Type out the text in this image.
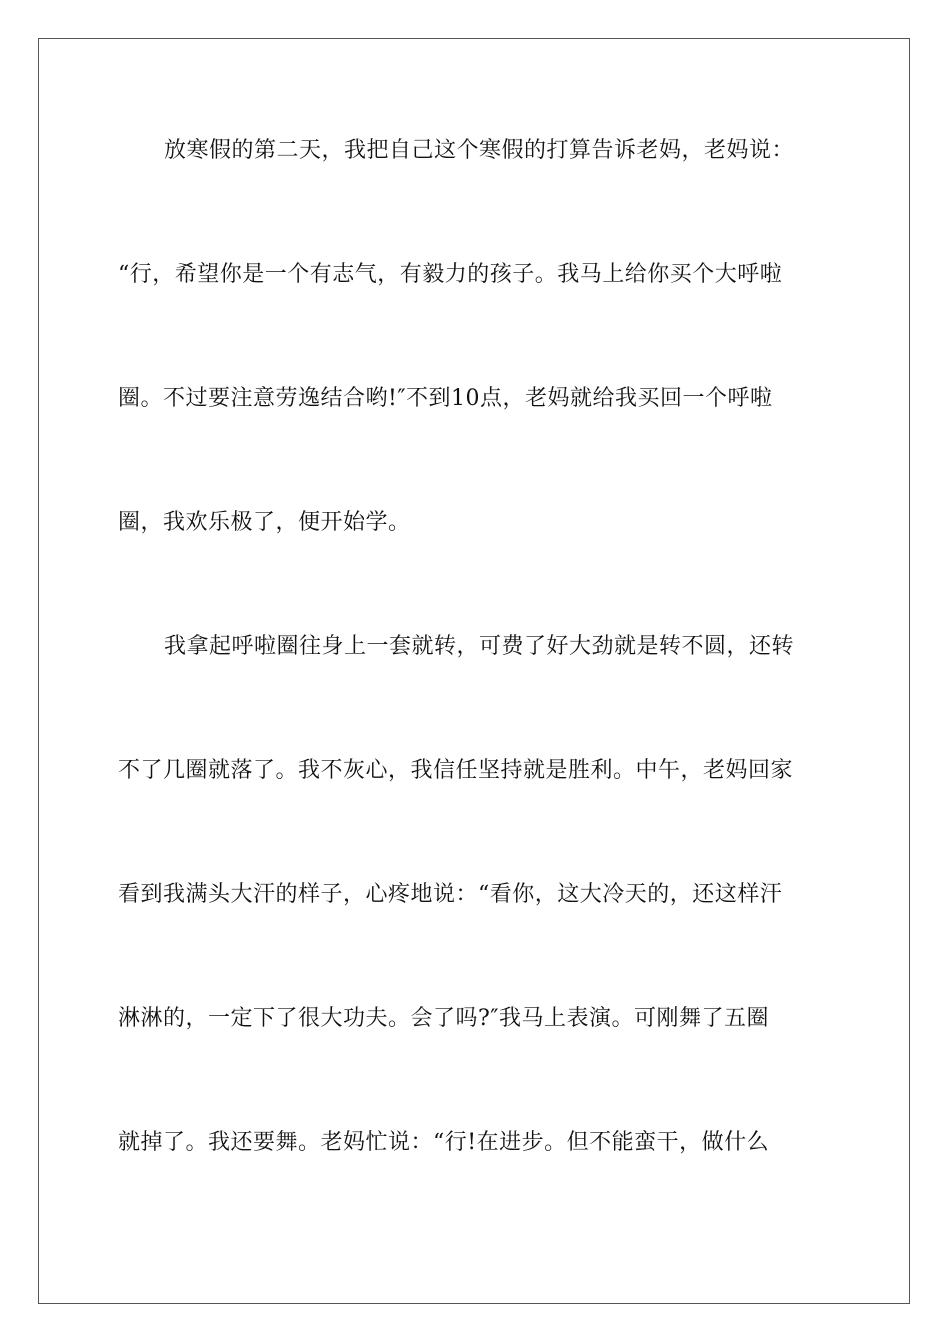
放寒假的第二天，我把自己这个寒假的打算告诉老妈，老妈说：
“行，希望你是一个有志气，有毅力的孩子。我马上给你买个大呼啦
圈。不过要注意劳逸结合哟!″不到10点，老妈就给我买回一个呼啦
圈，我欢乐极了，便开始学。
我拿起呼啦圈往身上一套就转，可费了好大劲就是转不圆，还转
不了几圈就落了。我不灰心，我信任坚持就是胜利。中午，老妈回家
看到我满头大汗的样子，心疼地说：“看你，这大冷天的，还这样汗
淋淋的，一定下了很大功夫。会了吗?″我马上表演。可刚舞了五圈
就掉了。我还要舞。老妈忙说：“行!在进步。但不能蛮干，做什么
